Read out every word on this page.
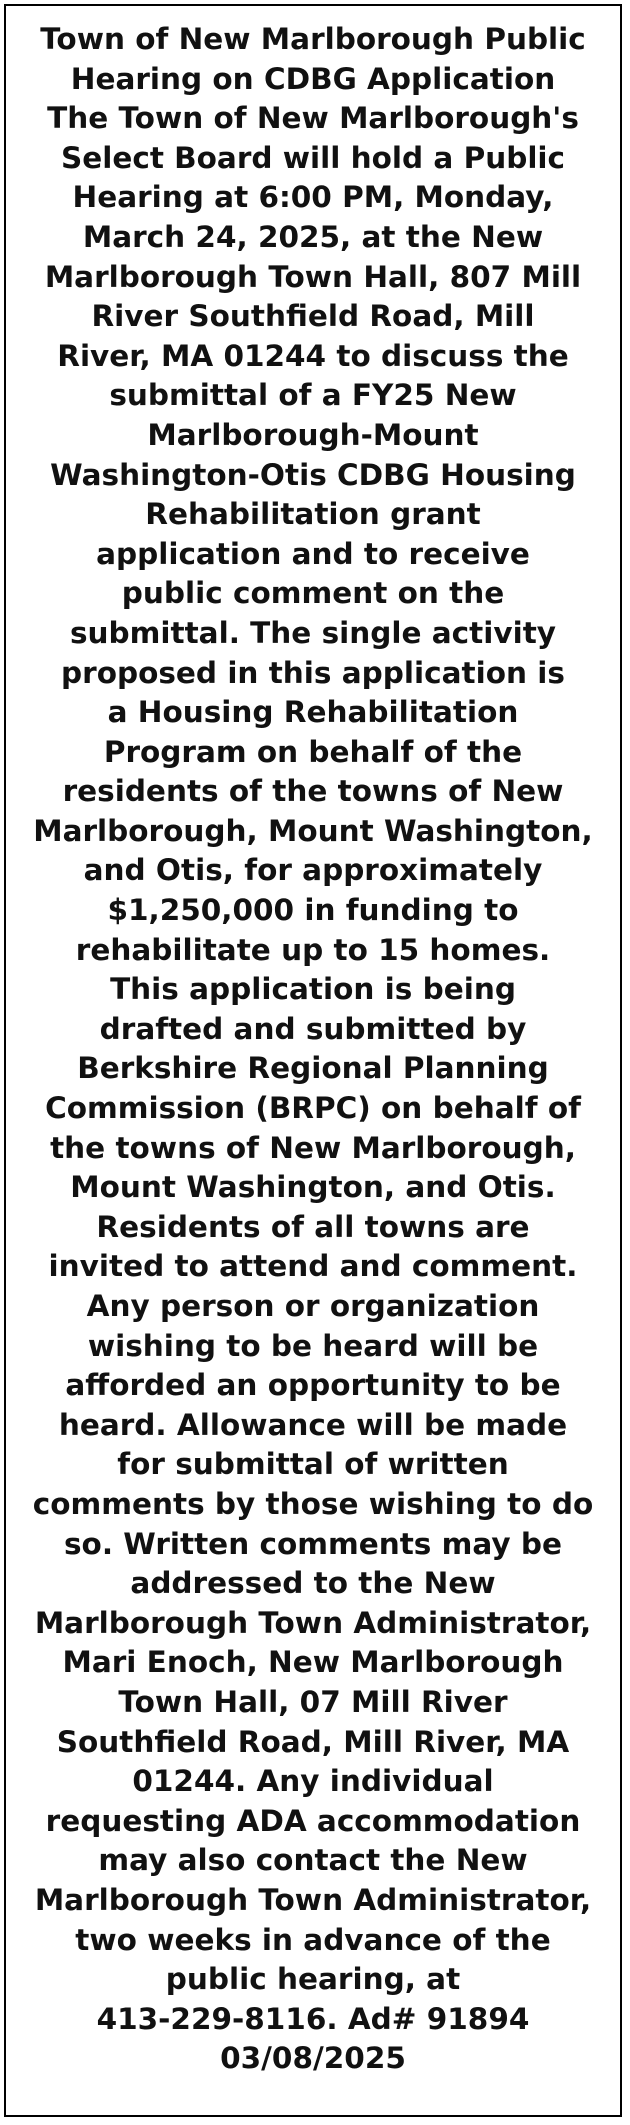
Town of New Marlborough Public
Hearing on CDBG Application
The Town of New Marlborough's
Select Board will hold a Public
Hearing at 6:00 PM, Monday,
March 24, 2025, at the New
Marlborough Town Hall, 807 Mill
River Southfield Road, Mill
River, MA 01244 to discuss the
submittal of a FY25 New
Marlborough-Mount
Washington-Otis CDBG Housing
Rehabilitation grant
application and to receive
public comment on the
submittal. The single activity
proposed in this application is
a Housing Rehabilitation
Program on behalf of the
residents of the towns of New
Marlborough, Mount Washington,
and Otis, for approximately
$1,250,000 in funding to
rehabilitate up to 15 homes.
This application is being
drafted and submitted by
Berkshire Regional Planning
Commission (BRPC) on behalf of
the towns of New Marlborough,
Mount Washington, and Otis.
Residents of all towns are
invited to attend and comment.
Any person or organization
wishing to be heard will be
afforded an opportunity to be
heard. Allowance will be made
for submittal of written
comments by those wishing to do
so. Written comments may be
addressed to the New
Marlborough Town Administrator,
Mari Enoch, New Marlborough
Town Hall, 07 Mill River
Southfield Road, Mill River, MA
01244. Any individual
requesting ADA accommodation
may also contact the New
Marlborough Town Administrator,
two weeks in advance of the
public hearing, at
413-229-8116. Ad# 91894
03/08/2025
